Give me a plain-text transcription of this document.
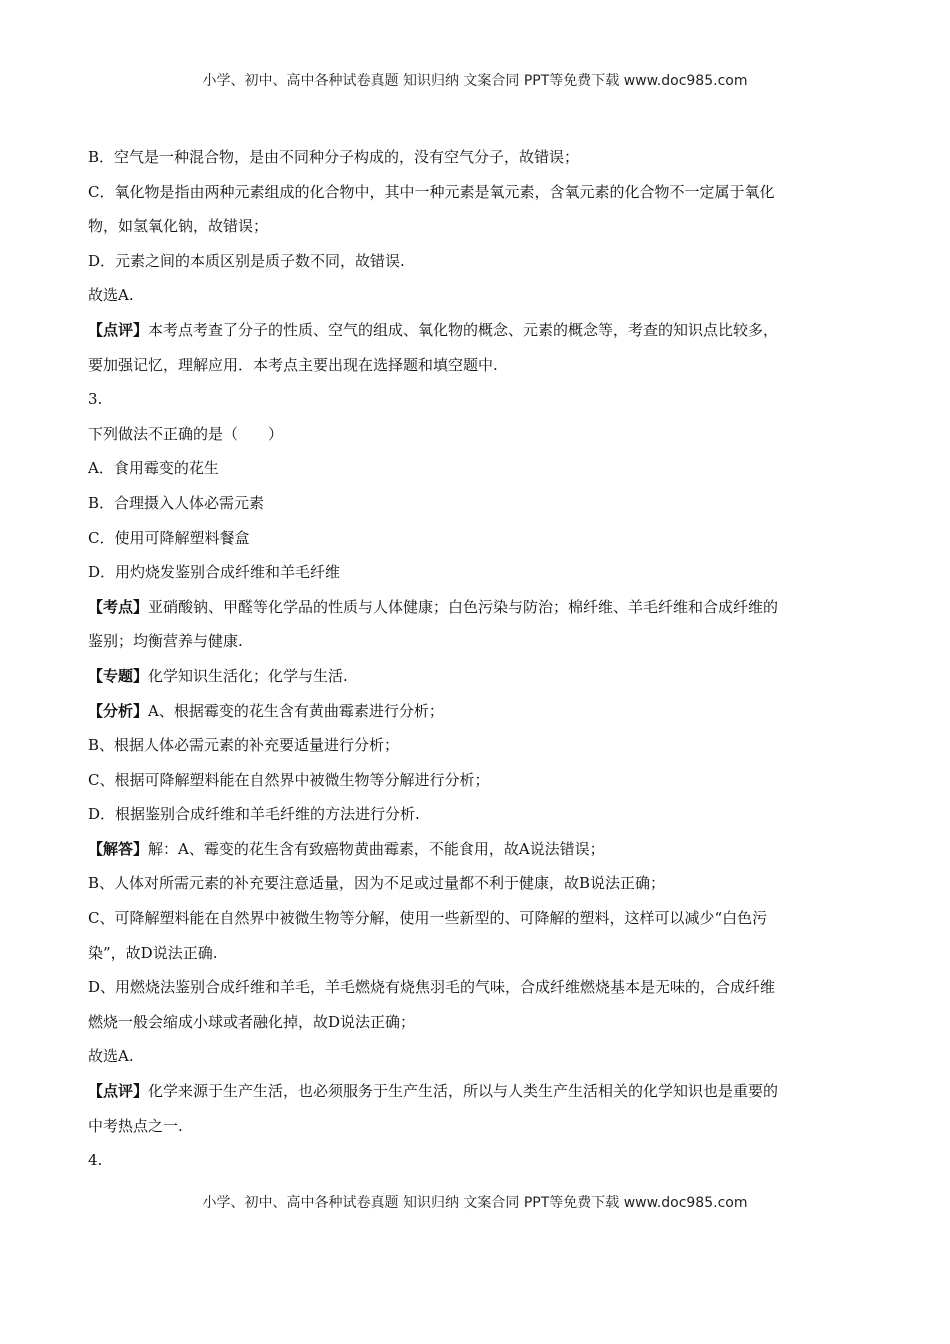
小学、初中、高中各种试卷真题 知识归纳 文案合同 PPT等免费下载 www.doc985.com
B．空气是一种混合物，是由不同种分子构成的，没有空气分子，故错误；
C．氧化物是指由两种元素组成的化合物中，其中一种元素是氧元素，含氧元素的化合物不一定属于氧化
物，如氢氧化钠，故错误；
D．元素之间的本质区别是质子数不同，故错误.
故选A.
【点评】本考点考查了分子的性质、空气的组成、氧化物的概念、元素的概念等，考查的知识点比较多，
要加强记忆，理解应用．本考点主要出现在选择题和填空题中.
3.
下列做法不正确的是（　　）
A．食用霉变的花生
B．合理摄入人体必需元素
C．使用可降解塑料餐盒
D．用灼烧发鉴别合成纤维和羊毛纤维
【考点】亚硝酸钠、甲醛等化学品的性质与人体健康；白色污染与防治；棉纤维、羊毛纤维和合成纤维的
鉴别；均衡营养与健康.
【专题】化学知识生活化；化学与生活.
【分析】A、根据霉变的花生含有黄曲霉素进行分析；
B、根据人体必需元素的补充要适量进行分析；
C、根据可降解塑料能在自然界中被微生物等分解进行分析；
D．根据鉴别合成纤维和羊毛纤维的方法进行分析.
【解答】解：A、霉变的花生含有致癌物黄曲霉素，不能食用，故A说法错误；
B、人体对所需元素的补充要注意适量，因为不足或过量都不利于健康，故B说法正确；
C、可降解塑料能在自然界中被微生物等分解，使用一些新型的、可降解的塑料，这样可以减少“白色污
染”，故D说法正确.
D、用燃烧法鉴别合成纤维和羊毛，羊毛燃烧有烧焦羽毛的气味，合成纤维燃烧基本是无味的，合成纤维
燃烧一般会缩成小球或者融化掉，故D说法正确；
故选A.
【点评】化学来源于生产生活，也必须服务于生产生活，所以与人类生产生活相关的化学知识也是重要的
中考热点之一.
4.
小学、初中、高中各种试卷真题 知识归纳 文案合同 PPT等免费下载 www.doc985.com
